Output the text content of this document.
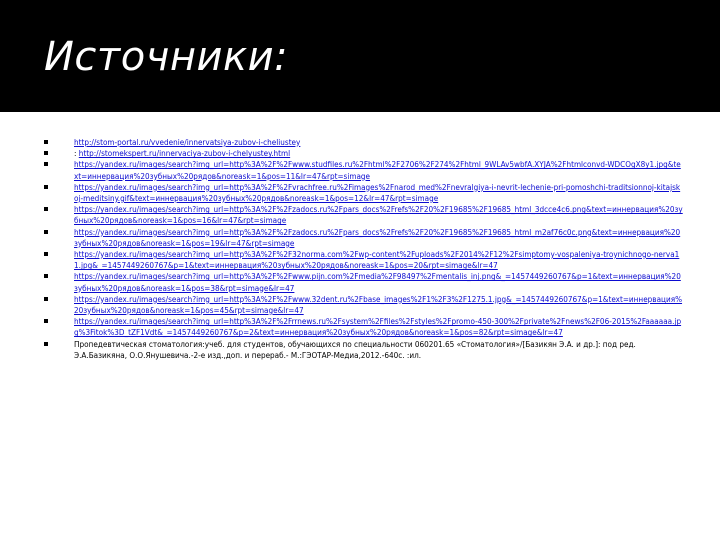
Источники:
http://stom-portal.ru/vvedenie/innervatsiya-zubov-i-cheliustey
: http://stomekspert.ru/innervaciya-zubov-i-chelyustey.html
https://yandex.ru/images/search?img_url=http%3A%2F%2Fwww.studfiles.ru%2Fhtml%2F2706%2F274%2Fhtml_9WLAv5wbfA.XYJA%2Fhtmlconvd-WDCOgX8y1.jpg&text=иннервация%20зубных%20рядов&noreask=1&pos=11&lr=47&rpt=simage
https://yandex.ru/images/search?img_url=http%3A%2F%2Fvrachfree.ru%2Fimages%2Fnarod_med%2Fnevralgiya-i-nevrit-lechenie-pri-pomoshchi-traditsionnoj-kitajskoj-meditsiny.gif&text=иннервация%20зубных%20рядов&noreask=1&pos=12&lr=47&rpt=simage
https://yandex.ru/images/search?img_url=http%3A%2F%2Fzadocs.ru%2Fpars_docs%2Frefs%2F20%2F19685%2F19685_html_3dcce4c6.png&text=иннервация%20зубных%20рядов&noreask=1&pos=16&lr=47&rpt=simage
https://yandex.ru/images/search?img_url=http%3A%2F%2Fzadocs.ru%2Fpars_docs%2Frefs%2F20%2F19685%2F19685_html_m2af76c0c.png&text=иннервация%20зубных%20рядов&noreask=1&pos=19&lr=47&rpt=simage
https://yandex.ru/images/search?img_url=http%3A%2F%2F32norma.com%2Fwp-content%2Fuploads%2F2014%2F12%2Fsimptomy-vospaleniya-troynichnogo-nerva11.jpg&_=1457449260767&p=1&text=иннервация%20зубных%20рядов&noreask=1&pos=20&rpt=simage&lr=47
https://yandex.ru/images/search?img_url=http%3A%2F%2Fwww.pijn.com%2Fmedia%2F98497%2Fmentalis_inj.png&_=1457449260767&p=1&text=иннервация%20зубных%20рядов&noreask=1&pos=38&rpt=simage&lr=47
https://yandex.ru/images/search?img_url=http%3A%2F%2Fwww.32dent.ru%2Fbase_images%2F1%2F3%2F1275.1.jpg&_=1457449260767&p=1&text=иннервация%20зубных%20рядов&noreask=1&pos=45&rpt=simage&lr=47
https://yandex.ru/images/search?img_url=http%3A%2F%2Frrnews.ru%2Fsystem%2Ffiles%2Fstyles%2Fpromo-450-300%2Fprivate%2Fnews%2F06-2015%2Faaaaaa.jpg%3Fitok%3D_tZF1Vdt&_=1457449260767&p=2&text=иннервация%20зубных%20рядов&noreask=1&pos=82&rpt=simage&lr=47
Пропедевтическая стоматология:учеб. для студентов, обучающихся по специальности 060201.65 «Стоматология»/[Базикян Э.А. и др.]: под ред. Э.А.Базикяна, О.О.Янушевича.-2-е изд.,доп. и перераб.- М.:ГЭОТАР-Медиа,2012.-640с. :ил.
